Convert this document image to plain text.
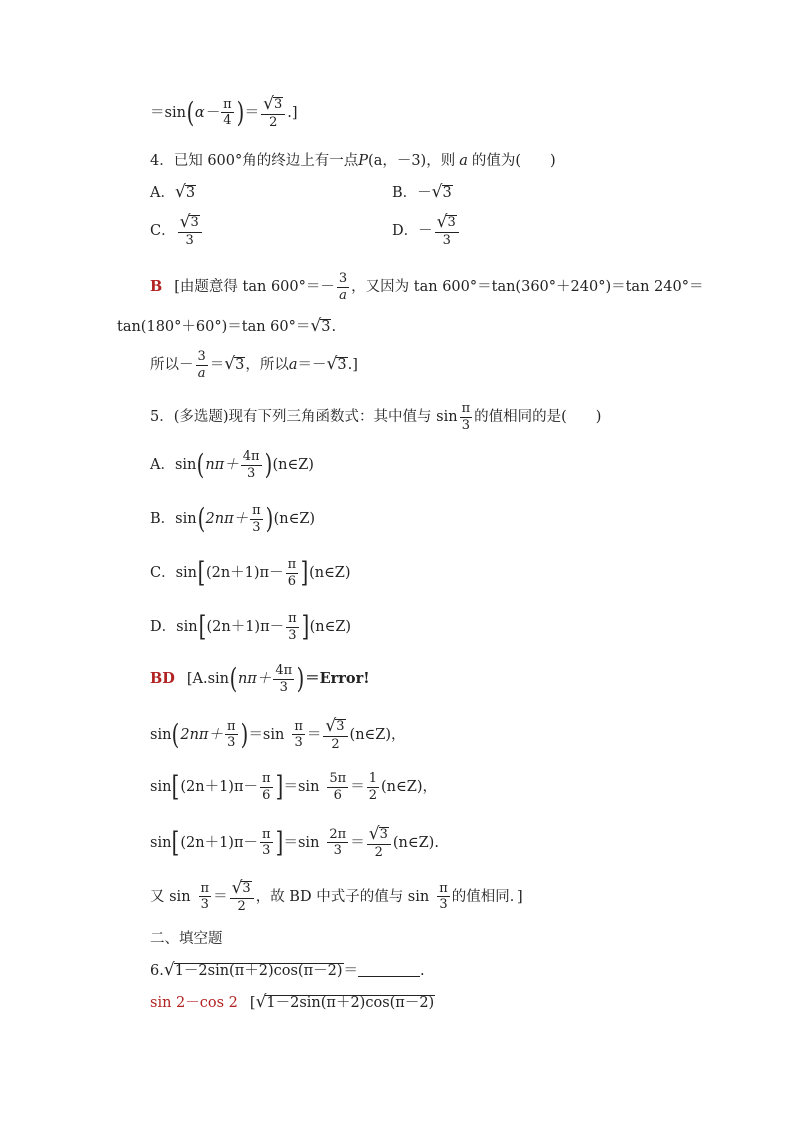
＝sin ( $\alpha- \frac{\pi}{4}$ ) ＝ $\frac{√ 3}{2}$ .]
4．已知 600°角的终边上有一点 P (a，－3) ，则 a 的值为(　　)
A． √ 3	B． － √ 3
C． $\frac{√ 3}{3}$	D． － $\frac{√ 3}{3}$
B [由题意得 $\tan 600^\circ=- \frac{3}{a}$ ，又因为 tan 600°＝tan(360°＋240°)＝tan 240°＝
tan(180°＋60°)＝tan 60°＝ √ 3 .
所以－ $\frac{3}{a}$ ＝ √ 3 ，所以 a ＝－ √ 3 .]
5．(多选题)现有下列三角函数式：其中值与 $\sin \frac{\pi}{3}$ 的值相同的是(　　)
A．sin ( $n\pi+ \frac{4\pi}{3}$ ) (n∈Z)
B．sin ( $2n\pi+ \frac{\pi}{3}$ ) (n∈Z)
C．sin [ $(2n+1)\pi- \frac{\pi}{6}$ ] (n∈Z)
D．sin [ $(2n+1)\pi- \frac{\pi}{3}$ ] (n∈Z)
BD [A.sin ( $n\pi+ \frac{4\pi}{3}$ ) ＝Error!
sin ( $2n\pi+ \frac{\pi}{3}$ ) $=\sin \frac{\pi}{3} = \frac{√ 3}{2}$ (n∈Z)，
sin [ $(2n+1)\pi- \frac{\pi}{6}$ ] $=\sin \frac{5\pi}{6} = \frac{1}{2}$ (n∈Z)，
sin [ $(2n+1)\pi- \frac{\pi}{3}$ ] $=\sin \frac{2\pi}{3} = \frac{√ 3}{2}$ (n∈Z).
又 $\sin \frac{\pi}{3} = \frac{√ 3}{2}$ ，故 BD 中式子的值与 $\sin \frac{\pi}{3}$ 的值相同．]
二、填空题
6. √ 1－2sin(π＋2)cos(π－2) ＝	.
sin 2－cos 2 [ √ 1－2sin(π＋2)cos(π－2)
